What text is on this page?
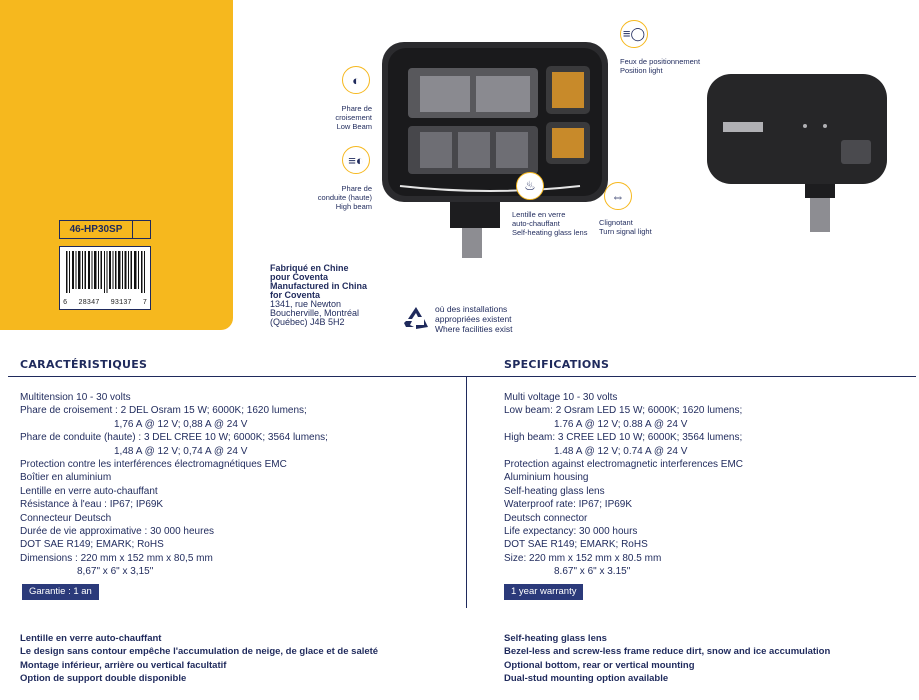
46-HP30SP
6 28347 93137 7
≡◯
Feux de positionnement
Position light
◐
Phare de
croisement
Low Beam
≡◐
Phare de
conduite (haute)
High beam
♨
Lentille en verre
auto-chauffant
Self-heating glass lens
⇔
Clignotant
Turn signal light
Fabriqué en Chine
pour Coventa
Manufactured in China
for Coventa
1341, rue Newton
Boucherville, Montréal
(Québec) J4B 5H2
où des installations
appropriées existent
Where facilities exist
CARACTÉRISTIQUES	SPECIFICATIONS
Multitension 10 - 30 volts
Phare de croisement : 2 DEL Osram 15 W; 6000K; 1620 lumens;
1,76 A @ 12 V; 0,88 A @ 24 V
Phare de conduite (haute) : 3 DEL CREE 10 W; 6000K; 3564 lumens;
1,48 A @ 12 V; 0,74 A @ 24 V
Protection contre les interférences électromagnétiques EMC
Boîtier en aluminium
Lentille en verre auto-chauffant
Résistance à l'eau : IP67; IP69K
Connecteur Deutsch
Durée de vie approximative : 30 000 heures
DOT SAE R149; EMARK; RoHS
Dimensions : 220 mm x 152 mm x 80,5 mm
8,67" x 6" x 3,15"
Garantie : 1 an
Multi voltage 10 - 30 volts
Low beam: 2 Osram LED 15 W; 6000K; 1620 lumens;
1.76 A @ 12 V; 0.88 A @ 24 V
High beam: 3 CREE LED 10 W; 6000K; 3564 lumens;
1.48 A @ 12 V; 0.74 A @ 24 V
Protection against electromagnetic interferences EMC
Aluminium housing
Self-heating glass lens
Waterproof rate: IP67; IP69K
Deutsch connector
Life expectancy: 30 000 hours
DOT SAE R149; EMARK; RoHS
Size: 220 mm x 152 mm x 80.5 mm
8.67" x 6" x 3.15"
1 year warranty
Lentille en verre auto-chauffant
Le design sans contour empêche l'accumulation de neige, de glace et de saleté
Montage inférieur, arrière ou vertical facultatif
Option de support double disponible
Self-heating glass lens
Bezel-less and screw-less frame reduce dirt, snow and ice accumulation
Optional bottom, rear or vertical mounting
Dual-stud mounting option available
